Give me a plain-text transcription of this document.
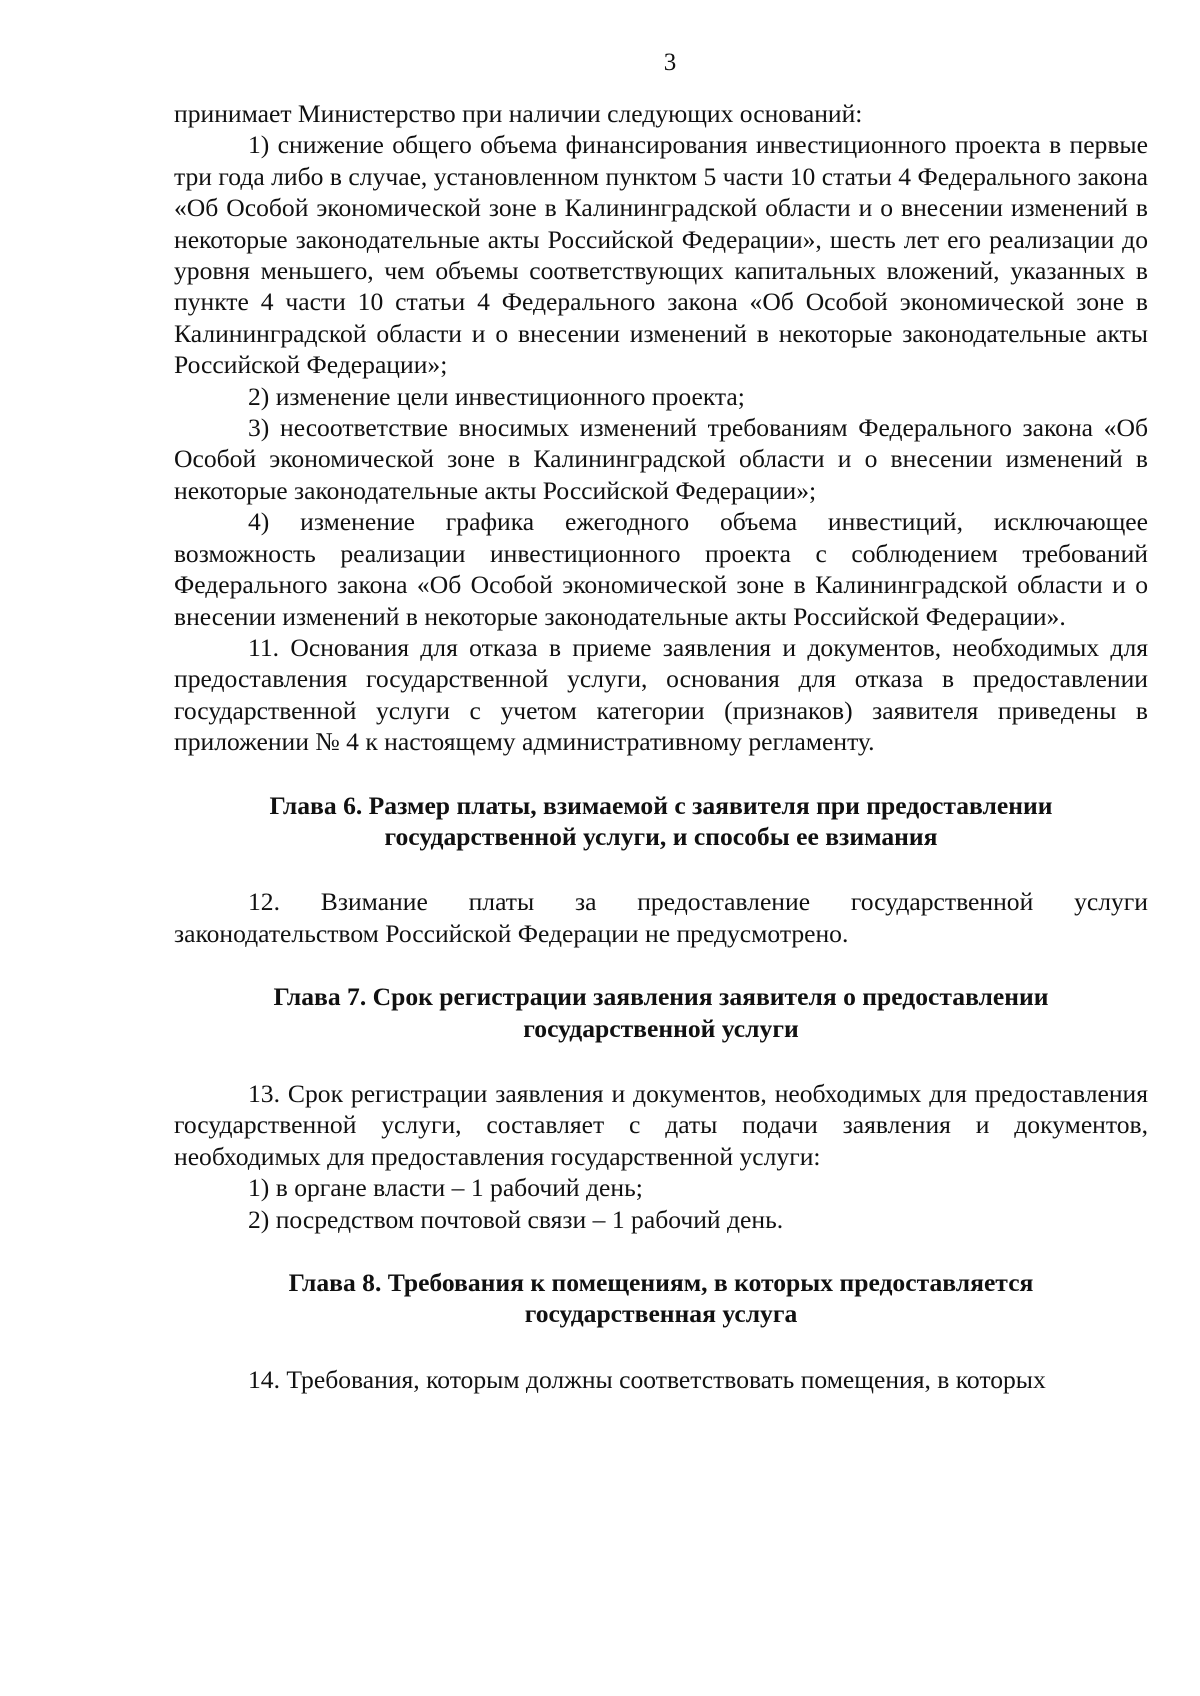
3

принимает Министерство при наличии следующих оснований:

1) снижение общего объема финансирования инвестиционного проекта в первые три года либо в случае, установленном пунктом 5 части 10 статьи 4 Федерального закона «Об Особой экономической зоне в Калининградской области и о внесении изменений в некоторые законодательные акты Российской Федерации», шесть лет его реализации до уровня меньшего, чем объемы соответствующих капитальных вложений, указанных в пункте 4 части 10 статьи 4 Федерального закона «Об Особой экономической зоне в Калининградской области и о внесении изменений в некоторые законодательные акты Российской Федерации»;

2) изменение цели инвестиционного проекта;

3) несоответствие вносимых изменений требованиям Федерального закона «Об Особой экономической зоне в Калининградской области и о внесении изменений в некоторые законодательные акты Российской Федерации»;

4) изменение графика ежегодного объема инвестиций, исключающее возможность реализации инвестиционного проекта с соблюдением требований Федерального закона «Об Особой экономической зоне в Калининградской области и о внесении изменений в некоторые законодательные акты Российской Федерации».

11. Основания для отказа в приеме заявления и документов, необходимых для предоставления государственной услуги, основания для отказа в предоставлении государственной услуги с учетом категории (признаков) заявителя приведены в приложении № 4 к настоящему административному регламенту.

Глава 6. Размер платы, взимаемой с заявителя при предоставлении
государственной услуги, и способы ее взимания

12. Взимание платы за предоставление государственной услуги законодательством Российской Федерации не предусмотрено.

Глава 7. Срок регистрации заявления заявителя о предоставлении
государственной услуги

13. Срок регистрации заявления и документов, необходимых для предоставления государственной услуги, составляет с даты подачи заявления и документов, необходимых для предоставления государственной услуги:

1) в органе власти – 1 рабочий день;

2) посредством почтовой связи – 1 рабочий день.

Глава 8. Требования к помещениям, в которых предоставляется
государственная услуга

14. Требования, которым должны соответствовать помещения, в которых
